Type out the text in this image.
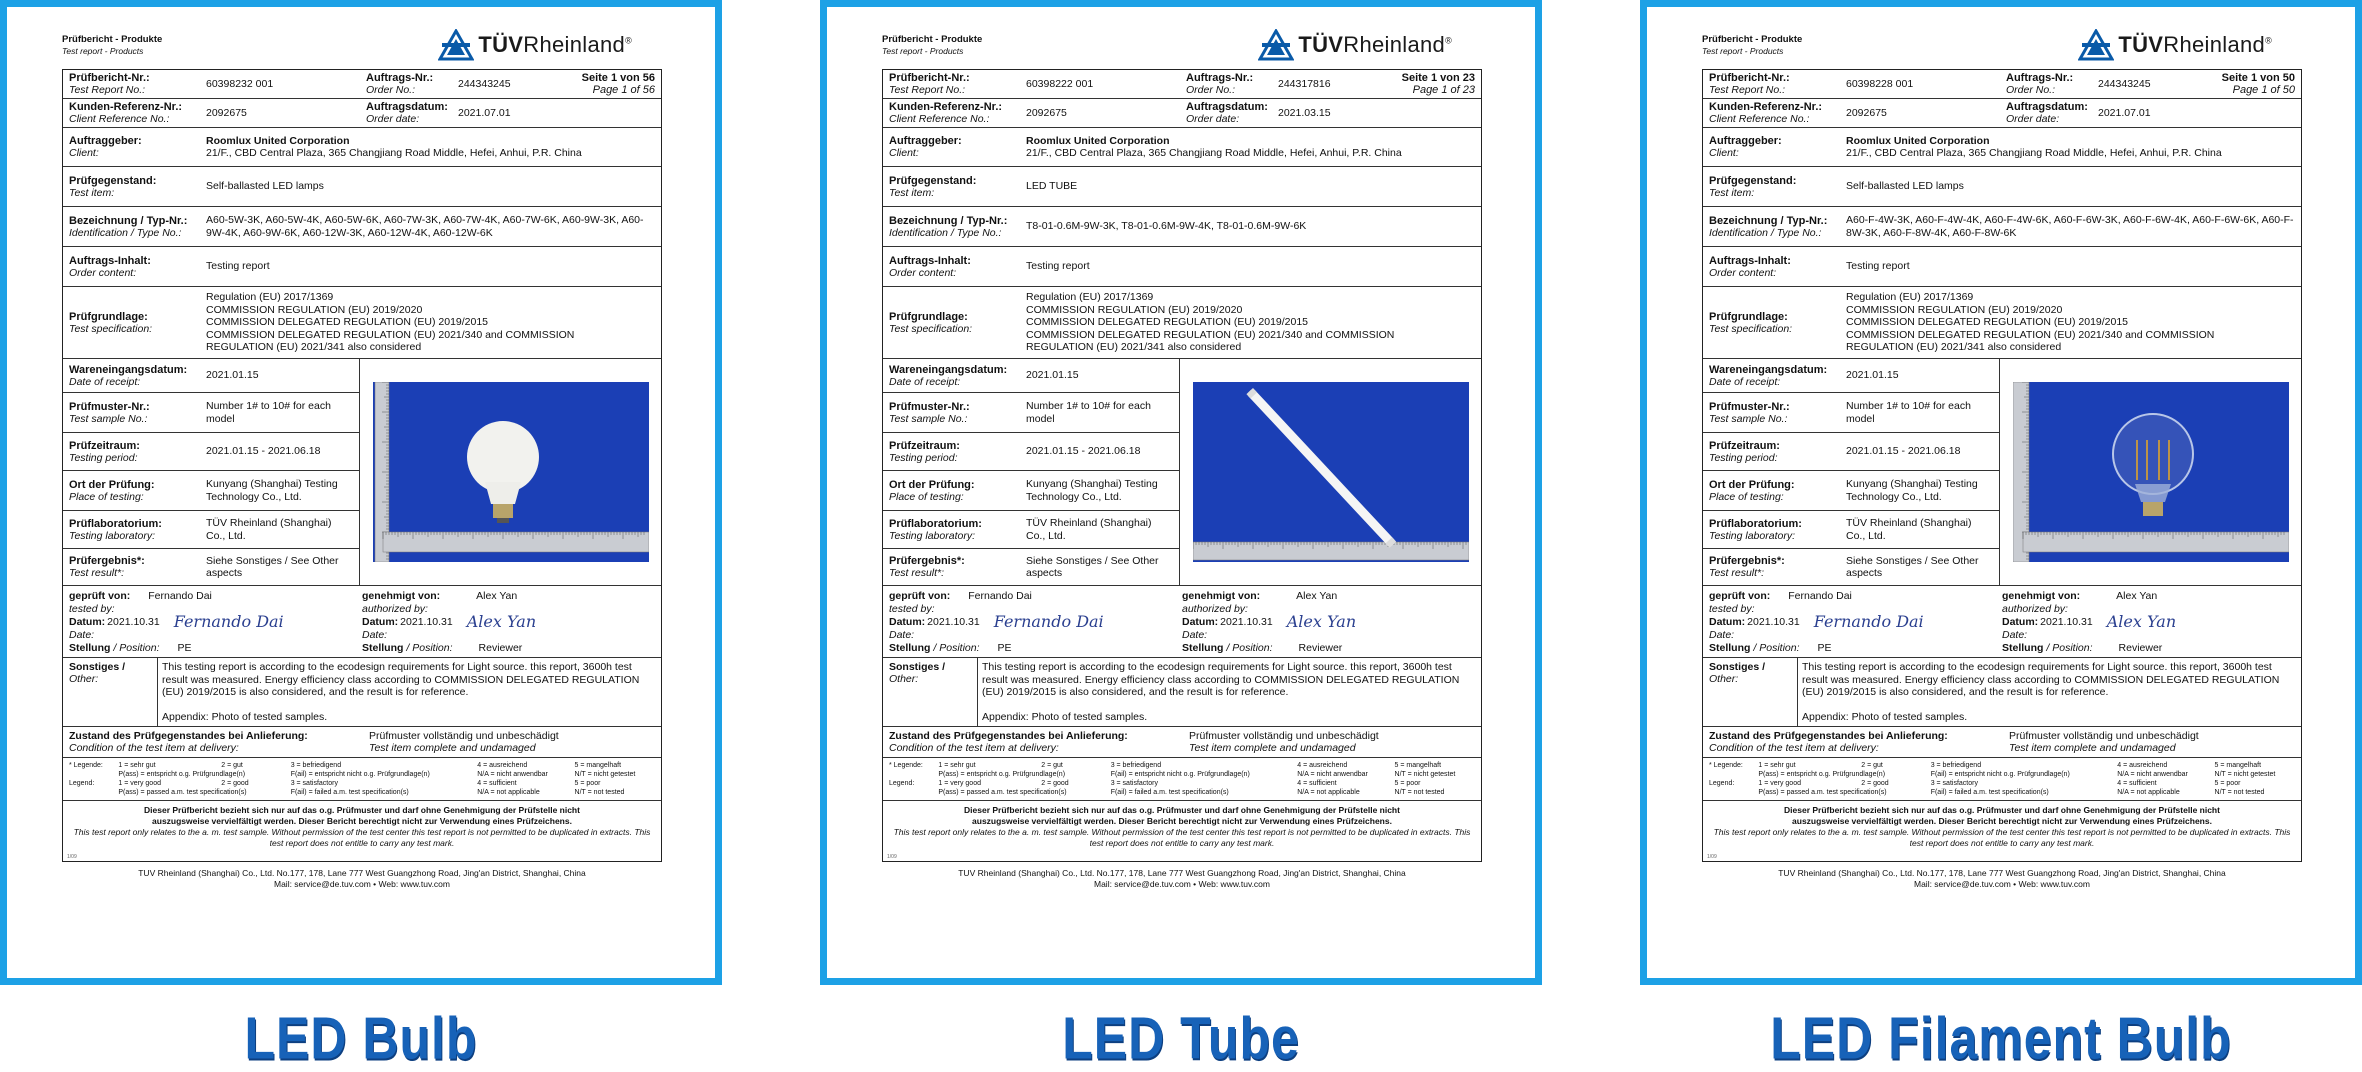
Prüfbericht - Produkte
Test report - Products	TÜVRheinland®
Prüfbericht-Nr.:
Test Report No.:
60398232 001	Auftrags-Nr.:
Order No.:
244343245	Seite 1 von 56
Page 1 of 56
Kunden-Referenz-Nr.:
Client Reference No.:
2092675	Auftragsdatum:
Order date:
2021.07.01
Auftraggeber:
Client:
Roomlux United Corporation
21/F., CBD Central Plaza, 365 Changjiang Road Middle, Hefei, Anhui, P.R. China
Prüfgegenstand:
Test item:
Self-ballasted LED lamps
Bezeichnung / Typ-Nr.:
Identification / Type No.:
A60-5W-3K, A60-5W-4K, A60-5W-6K, A60-7W-3K, A60-7W-4K, A60-7W-6K, A60-9W-3K, A60-9W-4K, A60-9W-6K, A60-12W-3K, A60-12W-4K, A60-12W-6K
Auftrags-Inhalt:
Order content:
Testing report
Prüfgrundlage:
Test specification:
Regulation (EU) 2017/1369
COMMISSION REGULATION (EU) 2019/2020
COMMISSION DELEGATED REGULATION (EU) 2019/2015
COMMISSION DELEGATED REGULATION (EU) 2021/340 and COMMISSION
REGULATION (EU) 2021/341 also considered
Wareneingangsdatum:
Date of receipt:
2021.01.15
Prüfmuster-Nr.:
Test sample No.:
Number 1# to 10# for each model
Prüfzeitraum:
Testing period:
2021.01.15 - 2021.06.18
Ort der Prüfung:
Place of testing:
Kunyang (Shanghai) Testing Technology Co., Ltd.
Prüflaboratorium:
Testing laboratory:
TÜV Rheinland (Shanghai) Co., Ltd.
Prüfergebnis*:
Test result*:
Siehe Sonstiges / See Other aspects
geprüft von: Fernando Dai
tested by:
Datum: 2021.10.31 Fernando Dai
Date:
Stellung / Position: PE
genehmigt von:	Alex Yan
authorized by:
Datum: 2021.10.31 Alex Yan
Date:
Stellung / Position: Reviewer
Sonstiges /
Other:
This testing report is according to the ecodesign requirements for Light source. this report, 3600h test result was measured. Energy efficiency class according to COMMISSION DELEGATED REGULATION (EU) 2019/2015 is also considered, and the result is for reference.
Appendix: Photo of tested samples.
Zustand des Prüfgegenstandes bei Anlieferung:
Condition of the test item at delivery:
Prüfmuster vollständig und unbeschädigt
Test item complete and undamaged
* Legende:	1 = sehr gut	2 = gut	3 = befriedigend	4 = ausreichend	5 = mangelhaft
	P(ass) = entspricht o.g. Prüfgrundlage(n)		F(ail) = entspricht nicht o.g. Prüfgrundlage(n)	N/A = nicht anwendbar	N/T = nicht getestet
Legend:	1 = very good	2 = good	3 = satisfactory	4 = sufficient	5 = poor
	P(ass) = passed a.m. test specification(s)		F(ail) = failed a.m. test specification(s)	N/A = not applicable	N/T = not tested
Dieser Prüfbericht bezieht sich nur auf das o.g. Prüfmuster und darf ohne Genehmigung der Prüfstelle nicht
auszugsweise vervielfältigt werden. Dieser Bericht berechtigt nicht zur Verwendung eines Prüfzeichens.
This test report only relates to the a. m. test sample. Without permission of the test center this test report is not permitted to be duplicated in extracts. This test report does not entitle to carry any test mark.
1/09
TUV Rheinland (Shanghai) Co., Ltd. No.177, 178, Lane 777 West Guangzhong Road, Jing'an District, Shanghai, China
Mail: service@de.tuv.com • Web: www.tuv.com
LED Bulb
Prüfbericht - Produkte
Test report - Products	TÜVRheinland®
Prüfbericht-Nr.:
Test Report No.:
60398222 001	Auftrags-Nr.:
Order No.:
244317816	Seite 1 von 23
Page 1 of 23
Kunden-Referenz-Nr.:
Client Reference No.:
2092675	Auftragsdatum:
Order date:
2021.03.15
Auftraggeber:
Client:
Roomlux United Corporation
21/F., CBD Central Plaza, 365 Changjiang Road Middle, Hefei, Anhui, P.R. China
Prüfgegenstand:
Test item:
LED TUBE
Bezeichnung / Typ-Nr.:
Identification / Type No.:
T8-01-0.6M-9W-3K, T8-01-0.6M-9W-4K, T8-01-0.6M-9W-6K
Auftrags-Inhalt:
Order content:
Testing report
Prüfgrundlage:
Test specification:
Regulation (EU) 2017/1369
COMMISSION REGULATION (EU) 2019/2020
COMMISSION DELEGATED REGULATION (EU) 2019/2015
COMMISSION DELEGATED REGULATION (EU) 2021/340 and COMMISSION
REGULATION (EU) 2021/341 also considered
Wareneingangsdatum:
Date of receipt:
2021.01.15
Prüfmuster-Nr.:
Test sample No.:
Number 1# to 10# for each model
Prüfzeitraum:
Testing period:
2021.01.15 - 2021.06.18
Ort der Prüfung:
Place of testing:
Kunyang (Shanghai) Testing Technology Co., Ltd.
Prüflaboratorium:
Testing laboratory:
TÜV Rheinland (Shanghai) Co., Ltd.
Prüfergebnis*:
Test result*:
Siehe Sonstiges / See Other aspects
geprüft von: Fernando Dai
tested by:
Datum: 2021.10.31 Fernando Dai
Date:
Stellung / Position: PE
genehmigt von:	Alex Yan
authorized by:
Datum: 2021.10.31 Alex Yan
Date:
Stellung / Position: Reviewer
Sonstiges /
Other:
This testing report is according to the ecodesign requirements for Light source. this report, 3600h test result was measured. Energy efficiency class according to COMMISSION DELEGATED REGULATION (EU) 2019/2015 is also considered, and the result is for reference.
Appendix: Photo of tested samples.
Zustand des Prüfgegenstandes bei Anlieferung:
Condition of the test item at delivery:
Prüfmuster vollständig und unbeschädigt
Test item complete and undamaged
* Legende:	1 = sehr gut	2 = gut	3 = befriedigend	4 = ausreichend	5 = mangelhaft
	P(ass) = entspricht o.g. Prüfgrundlage(n)		F(ail) = entspricht nicht o.g. Prüfgrundlage(n)	N/A = nicht anwendbar	N/T = nicht getestet
Legend:	1 = very good	2 = good	3 = satisfactory	4 = sufficient	5 = poor
	P(ass) = passed a.m. test specification(s)		F(ail) = failed a.m. test specification(s)	N/A = not applicable	N/T = not tested
Dieser Prüfbericht bezieht sich nur auf das o.g. Prüfmuster und darf ohne Genehmigung der Prüfstelle nicht
auszugsweise vervielfältigt werden. Dieser Bericht berechtigt nicht zur Verwendung eines Prüfzeichens.
This test report only relates to the a. m. test sample. Without permission of the test center this test report is not permitted to be duplicated in extracts. This test report does not entitle to carry any test mark.
1/09
TUV Rheinland (Shanghai) Co., Ltd. No.177, 178, Lane 777 West Guangzhong Road, Jing'an District, Shanghai, China
Mail: service@de.tuv.com • Web: www.tuv.com
LED Tube
Prüfbericht - Produkte
Test report - Products	TÜVRheinland®
Prüfbericht-Nr.:
Test Report No.:
60398228 001	Auftrags-Nr.:
Order No.:
244343245	Seite 1 von 50
Page 1 of 50
Kunden-Referenz-Nr.:
Client Reference No.:
2092675	Auftragsdatum:
Order date:
2021.07.01
Auftraggeber:
Client:
Roomlux United Corporation
21/F., CBD Central Plaza, 365 Changjiang Road Middle, Hefei, Anhui, P.R. China
Prüfgegenstand:
Test item:
Self-ballasted LED lamps
Bezeichnung / Typ-Nr.:
Identification / Type No.:
A60-F-4W-3K, A60-F-4W-4K, A60-F-4W-6K, A60-F-6W-3K, A60-F-6W-4K, A60-F-6W-6K, A60-F-8W-3K, A60-F-8W-4K, A60-F-8W-6K
Auftrags-Inhalt:
Order content:
Testing report
Prüfgrundlage:
Test specification:
Regulation (EU) 2017/1369
COMMISSION REGULATION (EU) 2019/2020
COMMISSION DELEGATED REGULATION (EU) 2019/2015
COMMISSION DELEGATED REGULATION (EU) 2021/340 and COMMISSION
REGULATION (EU) 2021/341 also considered
Wareneingangsdatum:
Date of receipt:
2021.01.15
Prüfmuster-Nr.:
Test sample No.:
Number 1# to 10# for each model
Prüfzeitraum:
Testing period:
2021.01.15 - 2021.06.18
Ort der Prüfung:
Place of testing:
Kunyang (Shanghai) Testing Technology Co., Ltd.
Prüflaboratorium:
Testing laboratory:
TÜV Rheinland (Shanghai) Co., Ltd.
Prüfergebnis*:
Test result*:
Siehe Sonstiges / See Other aspects
geprüft von: Fernando Dai
tested by:
Datum: 2021.10.31 Fernando Dai
Date:
Stellung / Position: PE
genehmigt von:	Alex Yan
authorized by:
Datum: 2021.10.31 Alex Yan
Date:
Stellung / Position: Reviewer
Sonstiges /
Other:
This testing report is according to the ecodesign requirements for Light source. this report, 3600h test result was measured. Energy efficiency class according to COMMISSION DELEGATED REGULATION (EU) 2019/2015 is also considered, and the result is for reference.
Appendix: Photo of tested samples.
Zustand des Prüfgegenstandes bei Anlieferung:
Condition of the test item at delivery:
Prüfmuster vollständig und unbeschädigt
Test item complete and undamaged
* Legende:	1 = sehr gut	2 = gut	3 = befriedigend	4 = ausreichend	5 = mangelhaft
	P(ass) = entspricht o.g. Prüfgrundlage(n)		F(ail) = entspricht nicht o.g. Prüfgrundlage(n)	N/A = nicht anwendbar	N/T = nicht getestet
Legend:	1 = very good	2 = good	3 = satisfactory	4 = sufficient	5 = poor
	P(ass) = passed a.m. test specification(s)		F(ail) = failed a.m. test specification(s)	N/A = not applicable	N/T = not tested
Dieser Prüfbericht bezieht sich nur auf das o.g. Prüfmuster und darf ohne Genehmigung der Prüfstelle nicht
auszugsweise vervielfältigt werden. Dieser Bericht berechtigt nicht zur Verwendung eines Prüfzeichens.
This test report only relates to the a. m. test sample. Without permission of the test center this test report is not permitted to be duplicated in extracts. This test report does not entitle to carry any test mark.
1/09
TUV Rheinland (Shanghai) Co., Ltd. No.177, 178, Lane 777 West Guangzhong Road, Jing'an District, Shanghai, China
Mail: service@de.tuv.com • Web: www.tuv.com
LED Filament Bulb
